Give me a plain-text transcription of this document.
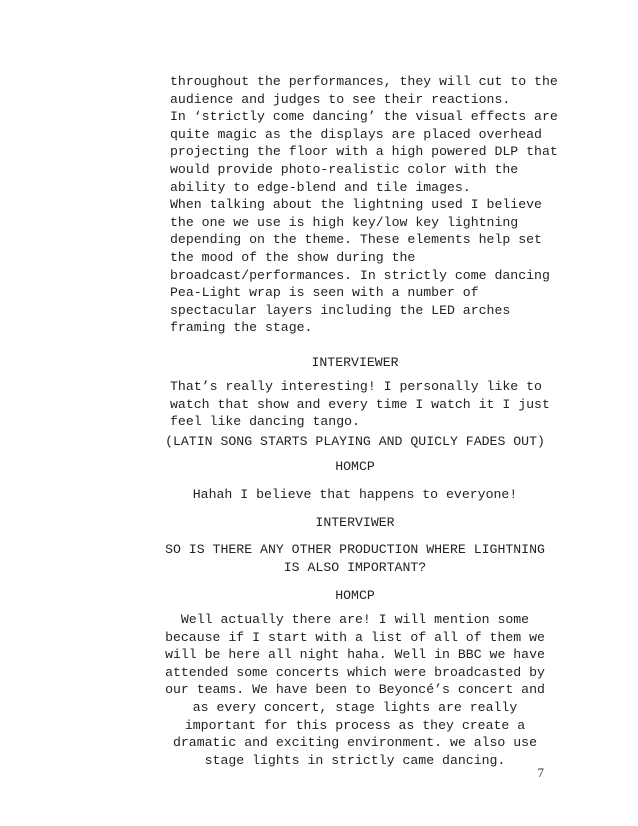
throughout the performances, they will cut to the
audience and judges to see their reactions.
In ‘strictly come dancing’ the visual effects are
quite magic as the displays are placed overhead
projecting the floor with a high powered DLP that
would provide photo-realistic color with the
ability to edge-blend and tile images.
When talking about the lightning used I believe
the one we use is high key/low key lightning
depending on the theme. These elements help set
the mood of the show during the
broadcast/performances. In strictly come dancing
Pea-Light wrap is seen with a number of
spectacular layers including the LED arches
framing the stage.
INTERVIEWER
That’s really interesting! I personally like to
watch that show and every time I watch it I just
feel like dancing tango.
(LATIN SONG STARTS PLAYING AND QUICLY FADES OUT)
HOMCP
Hahah I believe that happens to everyone!
INTERVIWER
SO IS THERE ANY OTHER PRODUCTION WHERE LIGHTNING
IS ALSO IMPORTANT?
HOMCP
Well actually there are! I will mention some
because if I start with a list of all of them we
will be here all night haha. Well in BBC we have
attended some concerts which were broadcasted by
our teams. We have been to Beyoncé’s concert and
as every concert, stage lights are really
important for this process as they create a
dramatic and exciting environment. we also use
stage lights in strictly came dancing.
7
